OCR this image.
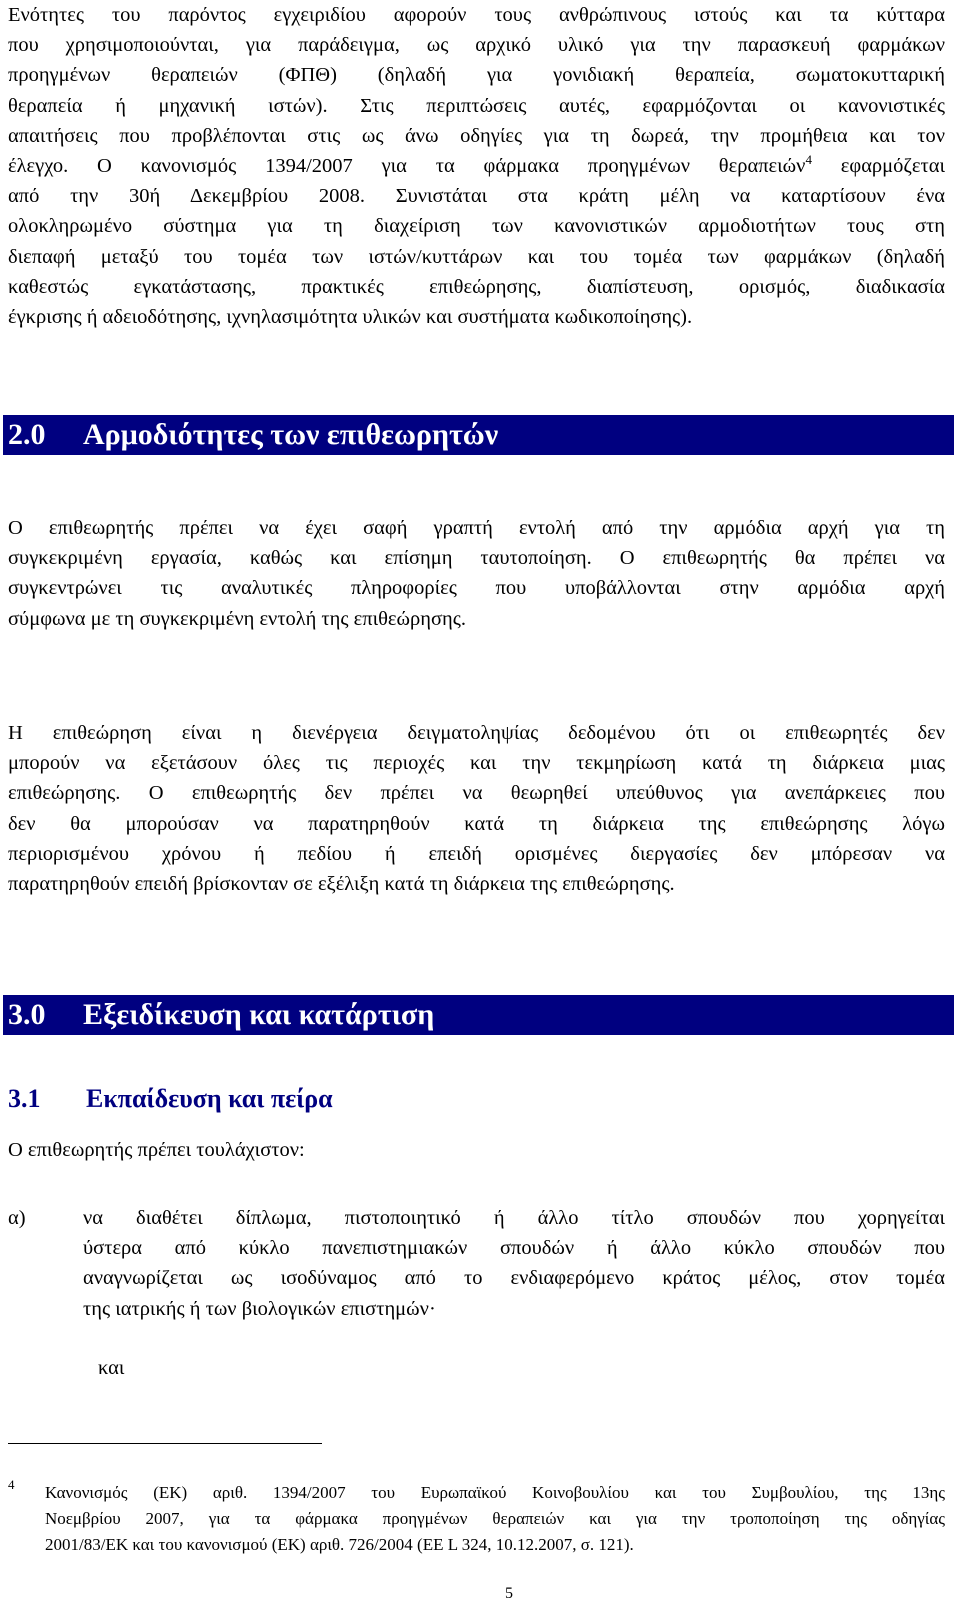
Ενότητες του παρόντος εγχειριδίου αφορούν τους ανθρώπινους ιστούς και τα κύτταρα
που χρησιμοποιούνται, για παράδειγμα, ως αρχικό υλικό για την παρασκευή φαρμάκων
προηγμένων θεραπειών (ΦΠΘ) (δηλαδή για γονιδιακή θεραπεία, σωματοκυτταρική
θεραπεία ή μηχανική ιστών). Στις περιπτώσεις αυτές, εφαρμόζονται οι κανονιστικές
απαιτήσεις που προβλέπονται στις ως άνω οδηγίες για τη δωρεά, την προμήθεια και τον
έλεγχο. Ο κανονισμός 1394/2007 για τα φάρμακα προηγμένων θεραπειών$^4$ εφαρμόζεται
από την 30ή Δεκεμβρίου 2008. Συνιστάται στα κράτη μέλη να καταρτίσουν ένα
ολοκληρωμένο σύστημα για τη διαχείριση των κανονιστικών αρμοδιοτήτων τους στη
διεπαφή μεταξύ του τομέα των ιστών/κυττάρων και του τομέα των φαρμάκων (δηλαδή
καθεστώς εγκατάστασης, πρακτικές επιθεώρησης, διαπίστευση, ορισμός, διαδικασία
έγκρισης ή αδειοδότησης, ιχνηλασιμότητα υλικών και συστήματα κωδικοποίησης).
2.0 Αρμοδιότητες των επιθεωρητών
Ο επιθεωρητής πρέπει να έχει σαφή γραπτή εντολή από την αρμόδια αρχή για τη
συγκεκριμένη εργασία, καθώς και επίσημη ταυτοποίηση. Ο επιθεωρητής θα πρέπει να
συγκεντρώνει τις αναλυτικές πληροφορίες που υποβάλλονται στην αρμόδια αρχή
σύμφωνα με τη συγκεκριμένη εντολή της επιθεώρησης.
Η επιθεώρηση είναι η διενέργεια δειγματοληψίας δεδομένου ότι οι επιθεωρητές δεν
μπορούν να εξετάσουν όλες τις περιοχές και την τεκμηρίωση κατά τη διάρκεια μιας
επιθεώρησης. Ο επιθεωρητής δεν πρέπει να θεωρηθεί υπεύθυνος για ανεπάρκειες που
δεν θα μπορούσαν να παρατηρηθούν κατά τη διάρκεια της επιθεώρησης λόγω
περιορισμένου χρόνου ή πεδίου ή επειδή ορισμένες διεργασίες δεν μπόρεσαν να
παρατηρηθούν επειδή βρίσκονταν σε εξέλιξη κατά τη διάρκεια της επιθεώρησης.
3.0 Εξειδίκευση και κατάρτιση
3.1 Εκπαίδευση και πείρα
Ο επιθεωρητής πρέπει τουλάχιστον:
α)	να διαθέτει δίπλωμα, πιστοποιητικό ή άλλο τίτλο σπουδών που χορηγείται
ύστερα από κύκλο πανεπιστημιακών σπουδών ή άλλο κύκλο σπουδών που
αναγνωρίζεται ως ισοδύναμος από το ενδιαφερόμενο κράτος μέλος, στον τομέα
της ιατρικής ή των βιολογικών επιστημών·
και
4 Κανονισμός (ΕΚ) αριθ. 1394/2007 του Ευρωπαϊκού Κοινοβουλίου και του Συμβουλίου, της 13ης
Νοεμβρίου 2007, για τα φάρμακα προηγμένων θεραπειών και για την τροποποίηση της οδηγίας
2001/83/ΕΚ και του κανονισμού (ΕΚ) αριθ. 726/2004 (ΕΕ L 324, 10.12.2007, σ. 121).
5
